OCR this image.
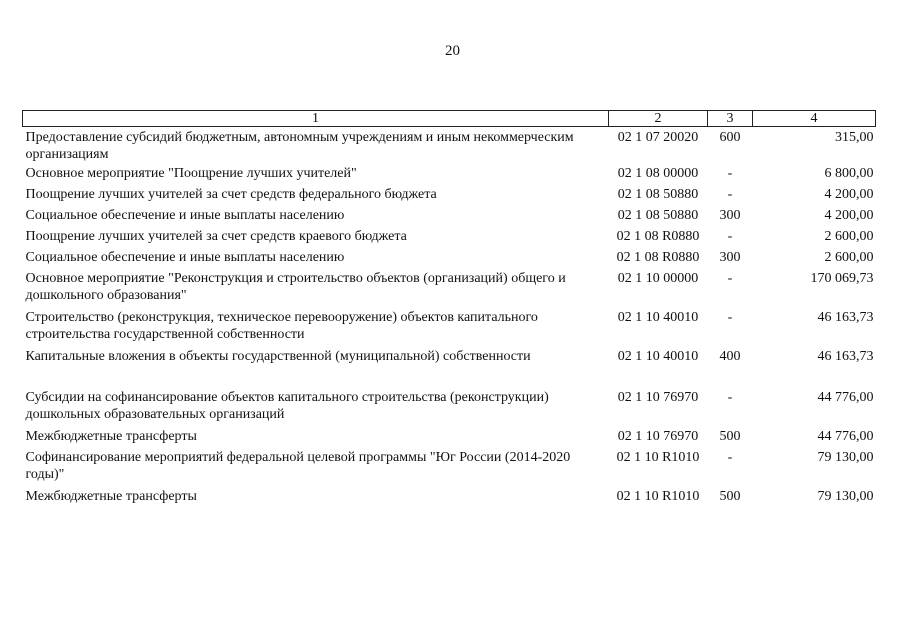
20
1	2	3	4
Предоставление субсидий бюджетным, автономным учреждениям и иным некоммерческим организациям	02 1 07 20020	600	315,00
Основное мероприятие "Поощрение лучших учителей"	02 1 08 00000	-	6 800,00
Поощрение лучших учителей за счет средств федерального бюджета	02 1 08 50880	-	4 200,00
Социальное обеспечение и иные выплаты населению	02 1 08 50880	300	4 200,00
Поощрение лучших учителей за счет средств краевого бюджета	02 1 08 R0880	-	2 600,00
Социальное обеспечение и иные выплаты населению	02 1 08 R0880	300	2 600,00
Основное мероприятие "Реконструкция и строительство объектов (организаций) общего и дошкольного образования"	02 1 10 00000	-	170 069,73
Строительство (реконструкция, техническое перевооружение) объектов капитального строительства государственной собственности	02 1 10 40010	-	46 163,73
Капитальные вложения в объекты государственной (муниципальной) собственности	02 1 10 40010	400	46 163,73
Субсидии на софинансирование объектов капитального строительства (реконструкции) дошкольных образовательных организаций	02 1 10 76970	-	44 776,00
Межбюджетные трансферты	02 1 10 76970	500	44 776,00
Софинансирование мероприятий федеральной целевой программы "Юг России (2014-2020 годы)"	02 1 10 R1010	-	79 130,00
Межбюджетные трансферты	02 1 10 R1010	500	79 130,00
